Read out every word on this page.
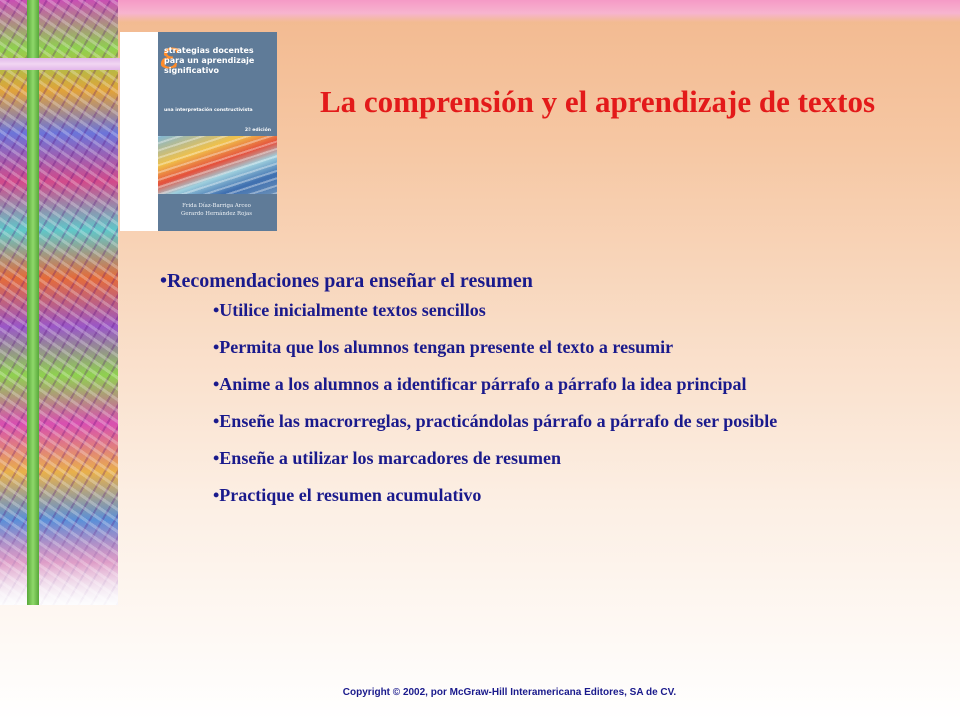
ε
strategias docentes para un aprendizaje significativo
una interpretación constructivista
2ª edición
Frida Díaz-Barriga Arceo
Gerardo Hernández Rojas
La comprensión y el aprendizaje de textos

•Recomendaciones para enseñar el resumen

•Utilice inicialmente textos sencillos
•Permita que los alumnos tengan presente el texto a resumir
•Anime a los alumnos a identificar párrafo a párrafo la idea principal
•Enseñe las macrorreglas, practicándolas párrafo a párrafo de ser posible
•Enseñe a utilizar los marcadores de resumen
•Practique el resumen acumulativo
Copyright © 2002, por McGraw-Hill Interamericana Editores, SA de CV.
